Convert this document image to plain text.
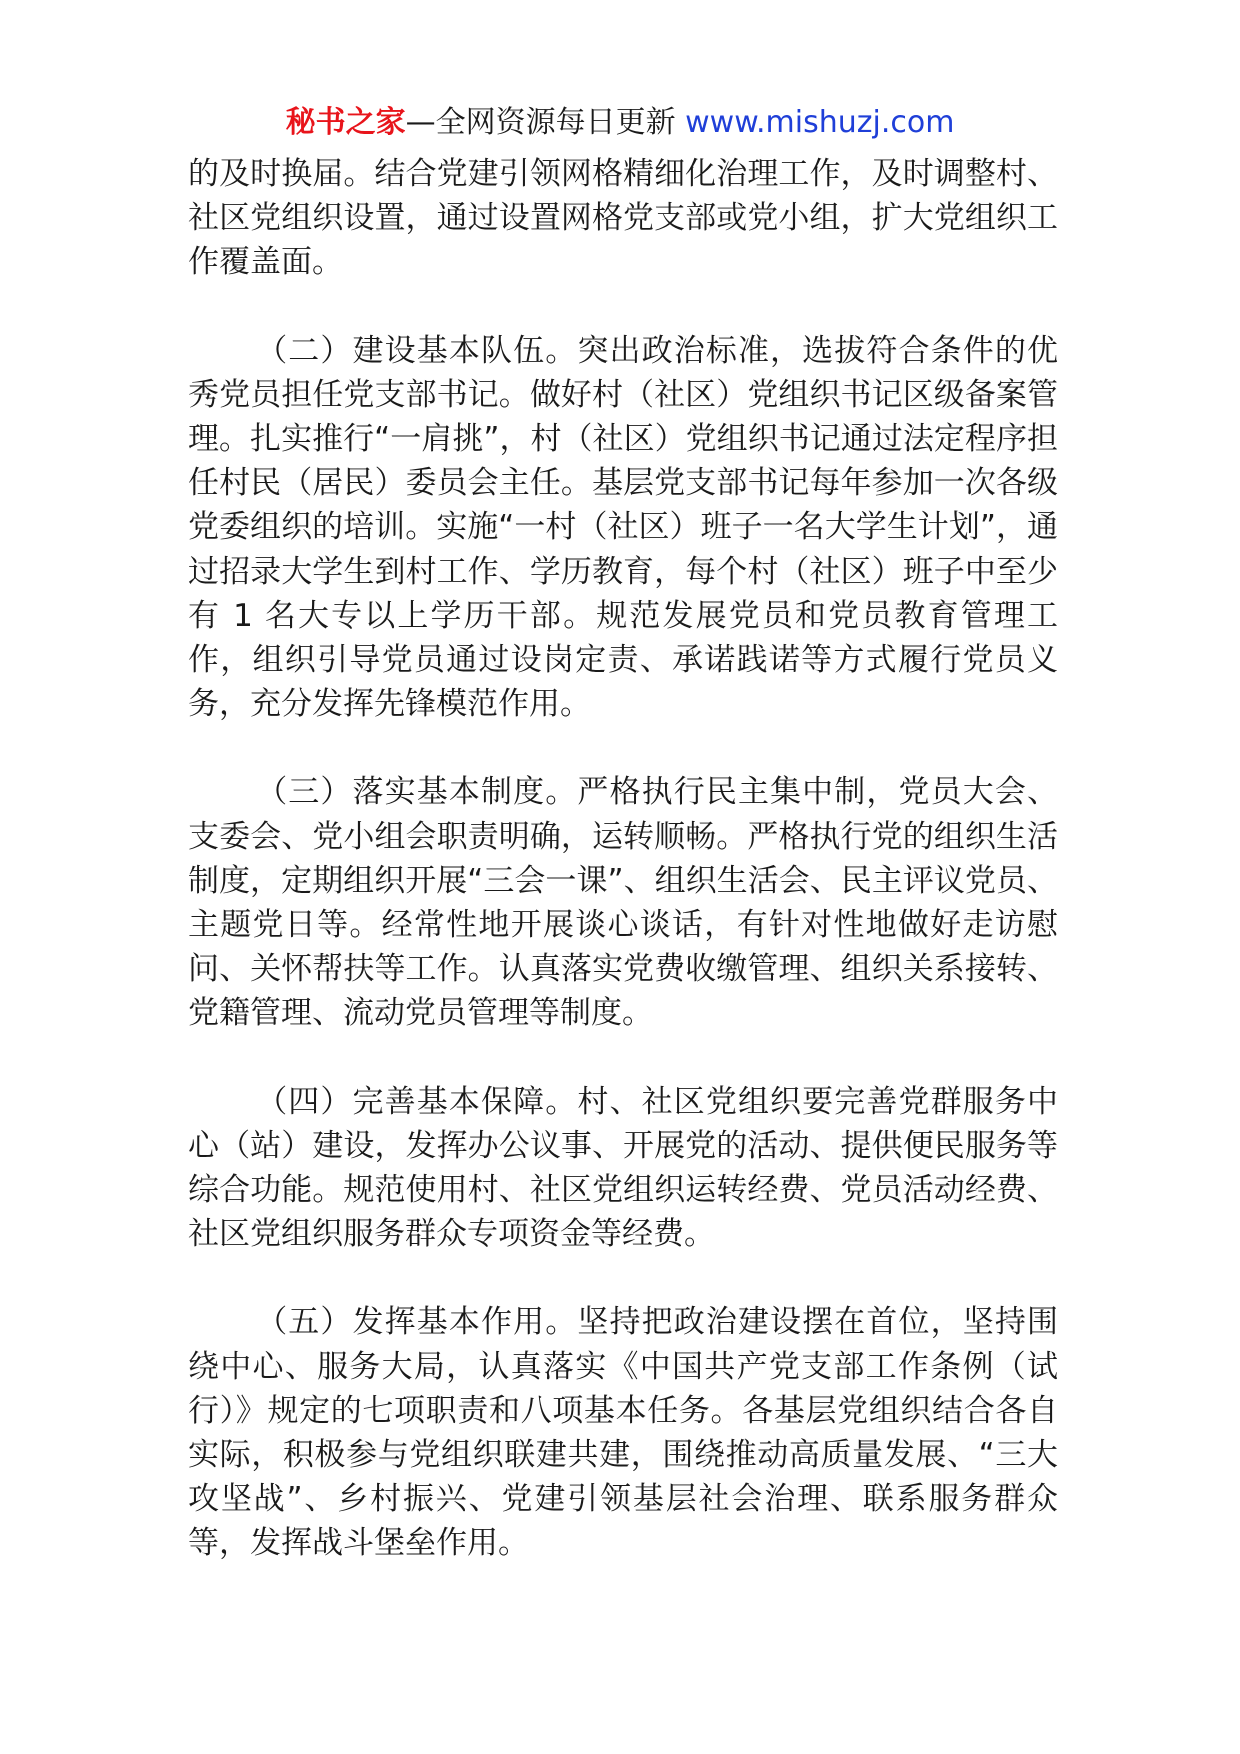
秘书之家—全网资源每日更新 www.mishuzj.com

的及时换届。结合党建引领网格精细化治理工作，及时调整村、社区党组织设置，通过设置网格党支部或党小组，扩大党组织工作覆盖面。

（二）建设基本队伍。突出政治标准，选拔符合条件的优秀党员担任党支部书记。做好村（社区）党组织书记区级备案管理。扎实推行“一肩挑”，村（社区）党组织书记通过法定程序担任村民（居民）委员会主任。基层党支部书记每年参加一次各级党委组织的培训。实施“一村（社区）班子一名大学生计划”，通过招录大学生到村工作、学历教育，每个村（社区）班子中至少有 1 名大专以上学历干部。规范发展党员和党员教育管理工作，组织引导党员通过设岗定责、承诺践诺等方式履行党员义务，充分发挥先锋模范作用。

（三）落实基本制度。严格执行民主集中制，党员大会、支委会、党小组会职责明确，运转顺畅。严格执行党的组织生活制度，定期组织开展“三会一课”、组织生活会、民主评议党员、主题党日等。经常性地开展谈心谈话，有针对性地做好走访慰问、关怀帮扶等工作。认真落实党费收缴管理、组织关系接转、党籍管理、流动党员管理等制度。

（四）完善基本保障。村、社区党组织要完善党群服务中心（站）建设，发挥办公议事、开展党的活动、提供便民服务等综合功能。规范使用村、社区党组织运转经费、党员活动经费、社区党组织服务群众专项资金等经费。

（五）发挥基本作用。坚持把政治建设摆在首位，坚持围绕中心、服务大局，认真落实《中国共产党支部工作条例（试行）》规定的七项职责和八项基本任务。各基层党组织结合各自实际，积极参与党组织联建共建，围绕推动高质量发展、“三大攻坚战”、乡村振兴、党建引领基层社会治理、联系服务群众等，发挥战斗堡垒作用。
